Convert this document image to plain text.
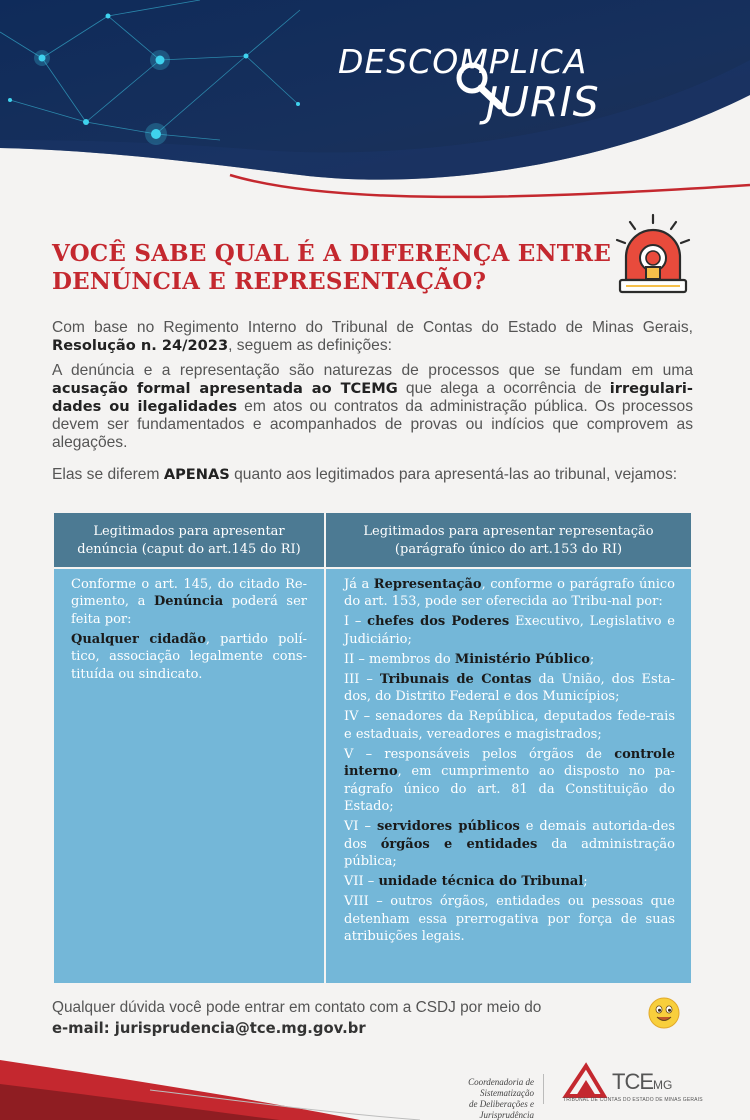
DESCOMPLICA
JURIS
VOCÊ SABE QUAL É A DIFERENÇA ENTRE
DENÚNCIA E REPRESENTAÇÃO?

Com base no Regimento Interno do Tribunal de Contas do Estado de Minas Gerais, Resolução n. 24/2023, seguem as definições:

A denúncia e a representação são naturezas de processos que se fundam em uma acusação formal apresentada ao TCEMG que alega a ocorrência de irregulari-dades ou ilegalidades em atos ou contratos da administração pública. Os processos devem ser fundamentados e acompanhados de provas ou indícios que comprovem as alegações.

Elas se diferem APENAS quanto aos legitimados para apresentá-las ao tribunal, vejamos:

Legitimados para apresentar
denúncia (caput do art.145 do RI)
Legitimados para apresentar representação
(parágrafo único do art.153 do RI)

Conforme o art. 145, do citado Re-gimento, a Denúncia poderá ser feita por:

Qualquer cidadão, partido polí-tico, associação legalmente cons-tituída ou sindicato.

Já a Representação, conforme o parágrafo único do art. 153, pode ser oferecida ao Tribu-nal por:

I – chefes dos Poderes Executivo, Legislativo e Judiciário;

II – membros do Ministério Público;

III – Tribunais de Contas da União, dos Esta-dos, do Distrito Federal e dos Municípios;

IV – senadores da República, deputados fede-rais e estaduais, vereadores e magistrados;

V – responsáveis pelos órgãos de controle interno, em cumprimento ao disposto no pa-rágrafo único do art. 81 da Constituição do Estado;

VI – servidores públicos e demais autorida-des dos órgãos e entidades da administração pública;

VII – unidade técnica do Tribunal;

VIII – outros órgãos, entidades ou pessoas que detenham essa prerrogativa por força de suas atribuições legais.

Qualquer dúvida você pode entrar em contato com a CSDJ por meio do
e-mail: jurisprudencia@tce.mg.gov.br
Coordenadoria de Sistematização
de Deliberações e Jurisprudência
TCEMG
TRIBUNAL DE CONTAS DO ESTADO DE MINAS GERAIS
